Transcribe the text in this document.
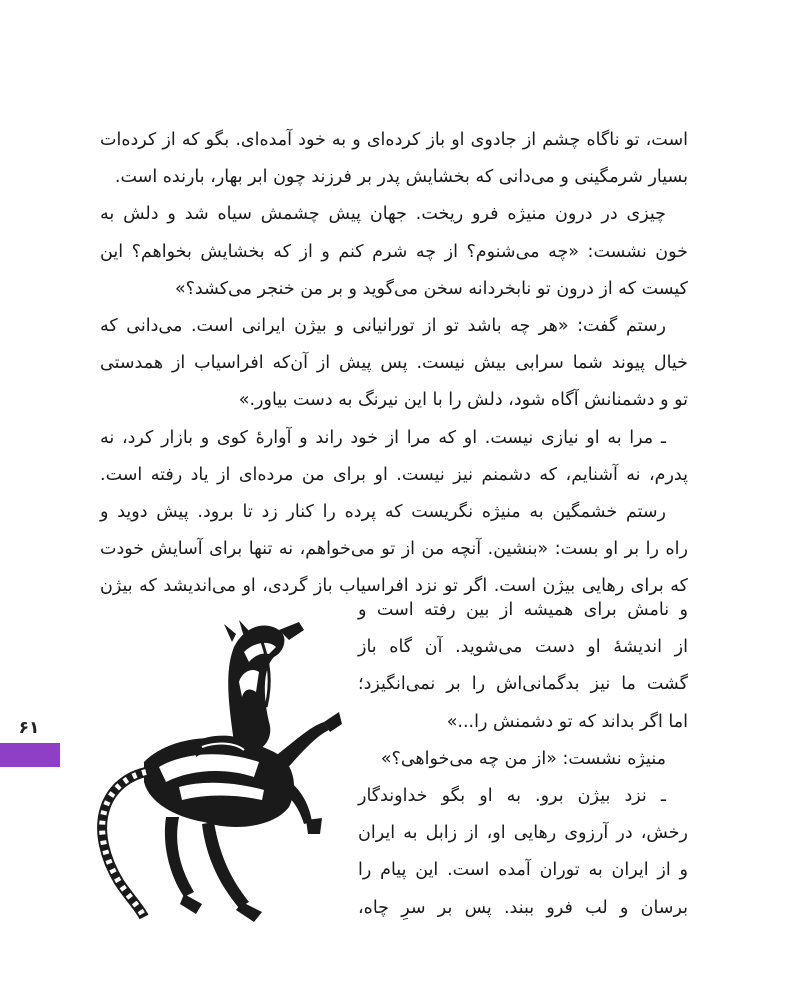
است، تو ناگاه چشم از جادوی او باز کرده‌ای و به خود آمده‌ای. بگو که از کرده‌ات
بسیار شرمگینی و می‌دانی که بخشایش پدر بر فرزند چون ابر بهار، بارنده است.
چیزی در درون منیژه فرو ریخت. جهان پیش چشمش سیاه شد و دلش به
خون نشست: «چه می‌شنوم؟ از چه شرم کنم و از که بخشایش بخواهم؟ این
کیست که از درون تو نابخردانه سخن می‌گوید و بر من خنجر می‌کشد؟»
رستم گفت: «هر چه باشد تو از تورانیانی و بیژن ایرانی است. می‌دانی که
خیال پیوند شما سرابی بیش نیست. پس پیش از آن‌که افراسیاب از همدستی
تو و دشمنانش آگاه شود، دلش را با این نیرنگ به دست بیاور.»
ـ مرا به او نیازی نیست. او که مرا از خود راند و آوارهٔ کوی و بازار کرد، نه
پدرم، نه آشنایم، که دشمنم نیز نیست. او برای من مرده‌ای از یاد رفته است.
رستم خشمگین به منیژه نگریست که پرده را کنار زد تا برود. پیش دوید و
راه را بر او بست: «بنشین. آنچه من از تو می‌خواهم، نه تنها برای آسایش خودت
که برای رهایی بیژن است. اگر تو نزد افراسیاب باز گردی، او می‌اندیشد که بیژن
و نامش برای همیشه از بین رفته است و
از اندیشهٔ او دست می‌شوید. آن گاه باز
گشت ما نیز بدگمانی‌اش را بر نمی‌انگیزد؛
اما اگر بداند که تو دشمنش را...»
منیژه نشست: «از من چه می‌خواهی؟»
ـ نزد بیژن برو. به او بگو خداوندگار
رخش، در آرزوی رهایی او، از زابل به ایران
و از ایران به توران آمده است. این پیام را
برسان و لب فرو ببند. پس بر سرِ چاه،
۶۱
